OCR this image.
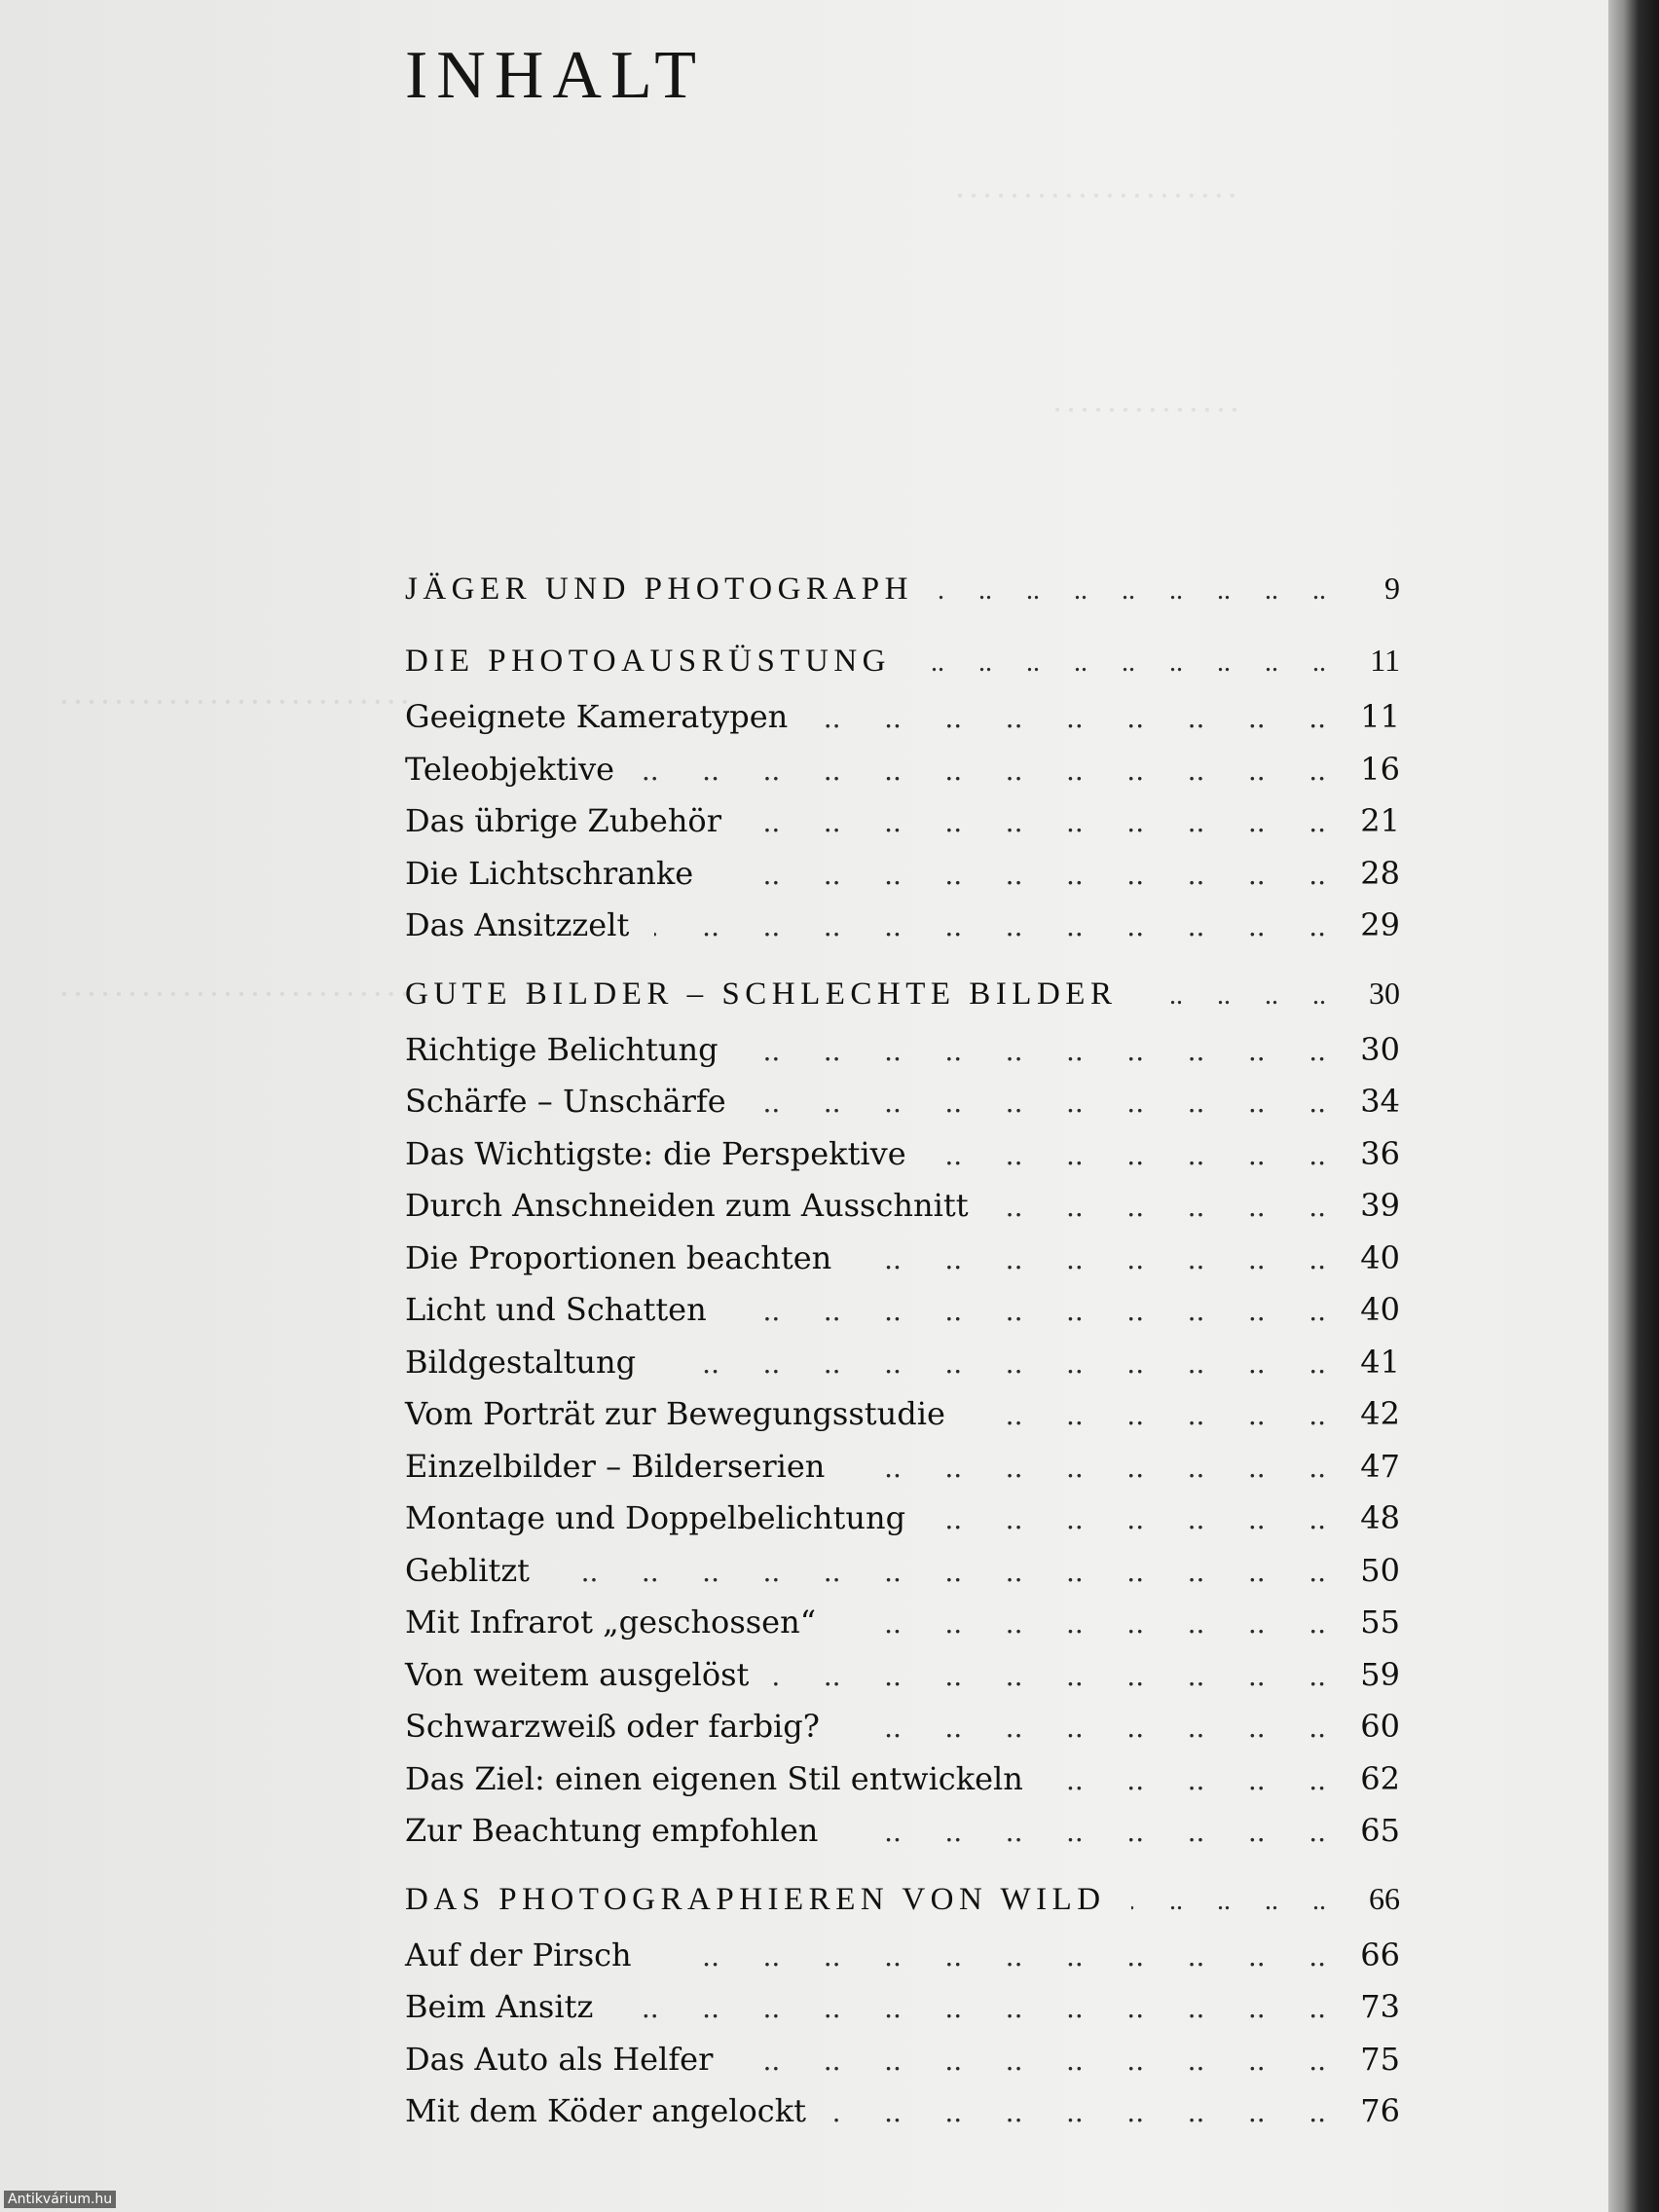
·····················
··············
··························
··························
INHALT
JÄGER UND PHOTOGRAPH ..	9
DIE PHOTOAUSRÜSTUNG ..	11
Geeignete Kameratypen ..	11
Teleobjektive ..	16
Das übrige Zubehör ..	21
Die Lichtschranke ..	28
Das Ansitzzelt ..	29
GUTE BILDER – SCHLECHTE BILDER ..	30
Richtige Belichtung ..	30
Schärfe – Unschärfe ..	34
Das Wichtigste: die Perspektive ..	36
Durch Anschneiden zum Ausschnitt ..	39
Die Proportionen beachten ..	40
Licht und Schatten ..	40
Bildgestaltung ..	41
Vom Porträt zur Bewegungsstudie ..	42
Einzelbilder – Bilderserien ..	47
Montage und Doppelbelichtung ..	48
Geblitzt ..	50
Mit Infrarot „geschossen“ ..	55
Von weitem ausgelöst ..	59
Schwarzweiß oder farbig? ..	60
Das Ziel: einen eigenen Stil entwickeln ..	62
Zur Beachtung empfohlen ..	65
DAS PHOTOGRAPHIEREN VON WILD ..	66
Auf der Pirsch ..	66
Beim Ansitz ..	73
Das Auto als Helfer ..	75
Mit dem Köder angelockt ..	76
Antikvárium.hu
